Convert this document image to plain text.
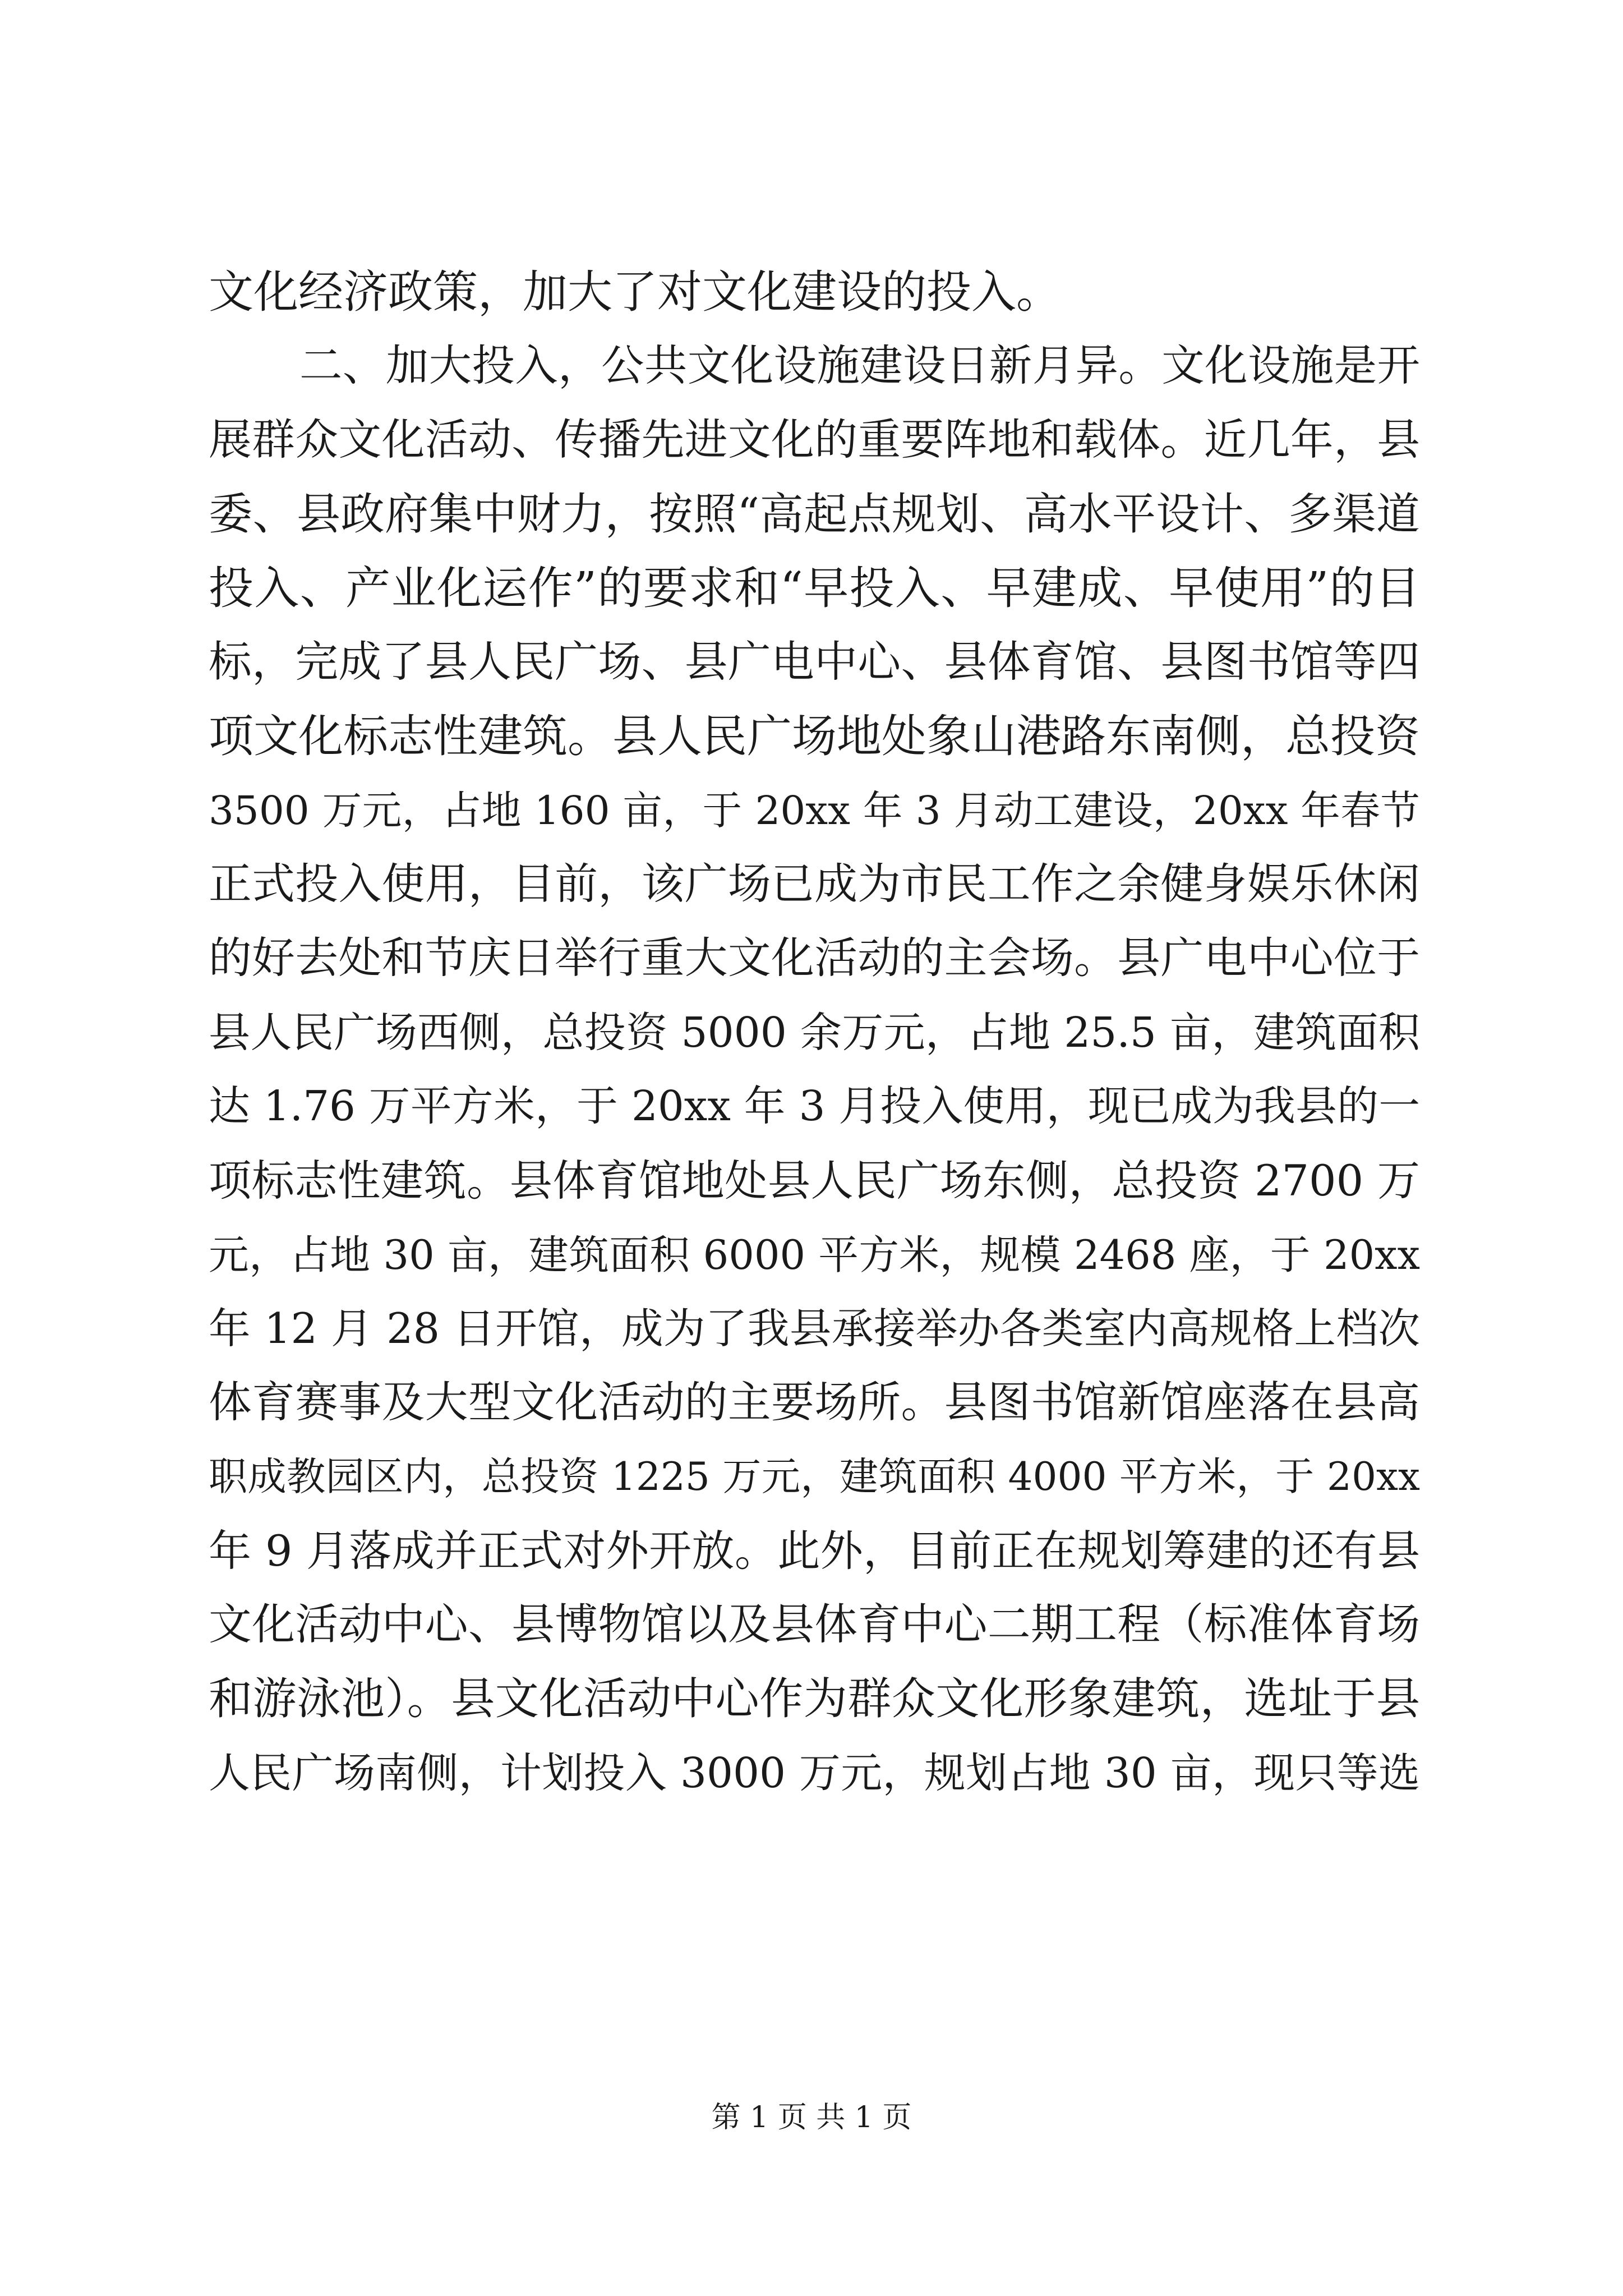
文化经济政策，加大了对文化建设的投入。
二、加大投入，公共文化设施建设日新月异。文化设施是开
展群众文化活动、传播先进文化的重要阵地和载体。近几年，县
委、县政府集中财力，按照“高起点规划、高水平设计、多渠道
投入、产业化运作”的要求和“早投入、早建成、早使用”的目
标，完成了县人民广场、县广电中心、县体育馆、县图书馆等四
项文化标志性建筑。县人民广场地处象山港路东南侧，总投资
3500 万元，占地 160 亩，于 20xx 年 3 月动工建设，20xx 年春节
正式投入使用，目前，该广场已成为市民工作之余健身娱乐休闲
的好去处和节庆日举行重大文化活动的主会场。县广电中心位于
县人民广场西侧，总投资 5000 余万元，占地 25.5 亩，建筑面积
达 1.76 万平方米，于 20xx 年 3 月投入使用，现已成为我县的一
项标志性建筑。县体育馆地处县人民广场东侧，总投资 2700 万
元，占地 30 亩，建筑面积 6000 平方米，规模 2468 座，于 20xx
年 12 月 28 日开馆，成为了我县承接举办各类室内高规格上档次
体育赛事及大型文化活动的主要场所。县图书馆新馆座落在县高
职成教园区内，总投资 1225 万元，建筑面积 4000 平方米，于 20xx
年 9 月落成并正式对外开放。此外，目前正在规划筹建的还有县
文化活动中心、县博物馆以及县体育中心二期工程（标准体育场
和游泳池）。县文化活动中心作为群众文化形象建筑，选址于县
人民广场南侧，计划投入 3000 万元，规划占地 30 亩，现只等选
第 1 页 共 1 页
